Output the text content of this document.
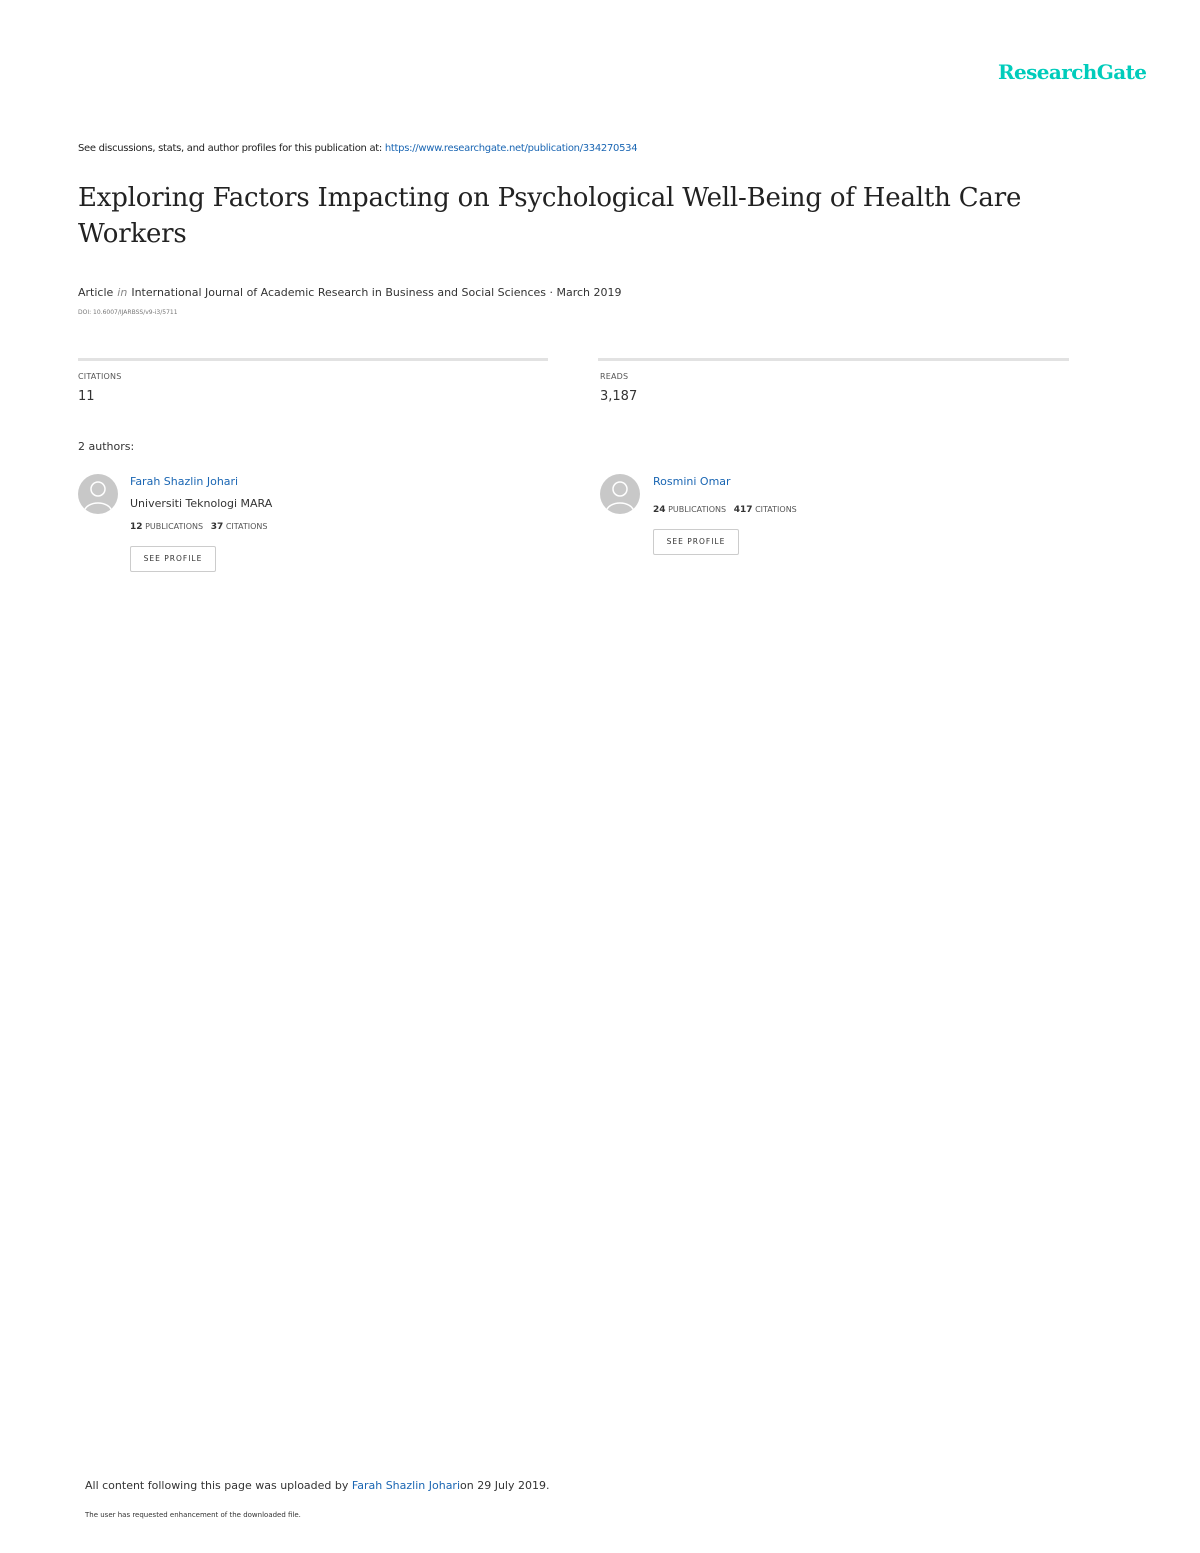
ResearchGate
See discussions, stats, and author profiles for this publication at: https://www.researchgate.net/publication/334270534
Exploring Factors Impacting on Psychological Well-Being of Health Care Workers
Article in International Journal of Academic Research in Business and Social Sciences · March 2019
DOI: 10.6007/IJARBSS/v9-i3/5711
CITATIONS
11
READS
3,187
2 authors:
Farah Shazlin Johari
Universiti Teknologi MARA
12 PUBLICATIONS 37 CITATIONS
SEE PROFILE
Rosmini Omar
24 PUBLICATIONS 417 CITATIONS
SEE PROFILE
All content following this page was uploaded by Farah Shazlin Joharion 29 July 2019.
The user has requested enhancement of the downloaded file.
